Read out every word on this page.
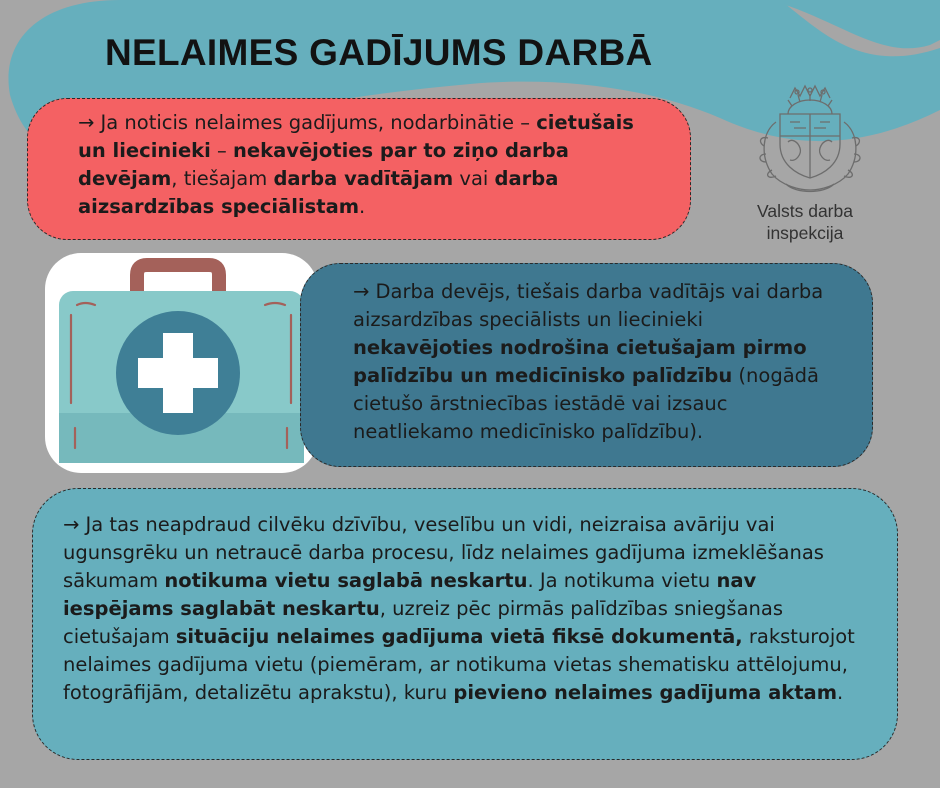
NELAIMES GADĪJUMS DARBĀ
Valsts darba
inspekcija

→ Ja noticis nelaimes gadījums, nodarbinātie – cietušais un liecinieki – nekavējoties par to ziņo darba devējam, tiešajam darba vadītājam vai darba aizsardzības speciālistam.

→ Darba devējs, tiešais darba vadītājs vai darba aizsardzības speciālists un liecinieki nekavējoties nodrošina cietušajam pirmo palīdzību un medicīnisko palīdzību (nogādā cietušo ārstniecības iestādē vai izsauc neatliekamo medicīnisko palīdzību).

→ Ja tas neapdraud cilvēku dzīvību, veselību un vidi, neizraisa avāriju vai ugunsgrēku un netraucē darba procesu, līdz nelaimes gadījuma izmeklēšanas sākumam notikuma vietu saglabā neskartu. Ja notikuma vietu nav iespējams saglabāt neskartu, uzreiz pēc pirmās palīdzības sniegšanas cietušajam situāciju nelaimes gadījuma vietā fiksē dokumentā, raksturojot nelaimes gadījuma vietu (piemēram, ar notikuma vietas shematisku attēlojumu, fotogrāfijām, detalizētu aprakstu), kuru pievieno nelaimes gadījuma aktam.
